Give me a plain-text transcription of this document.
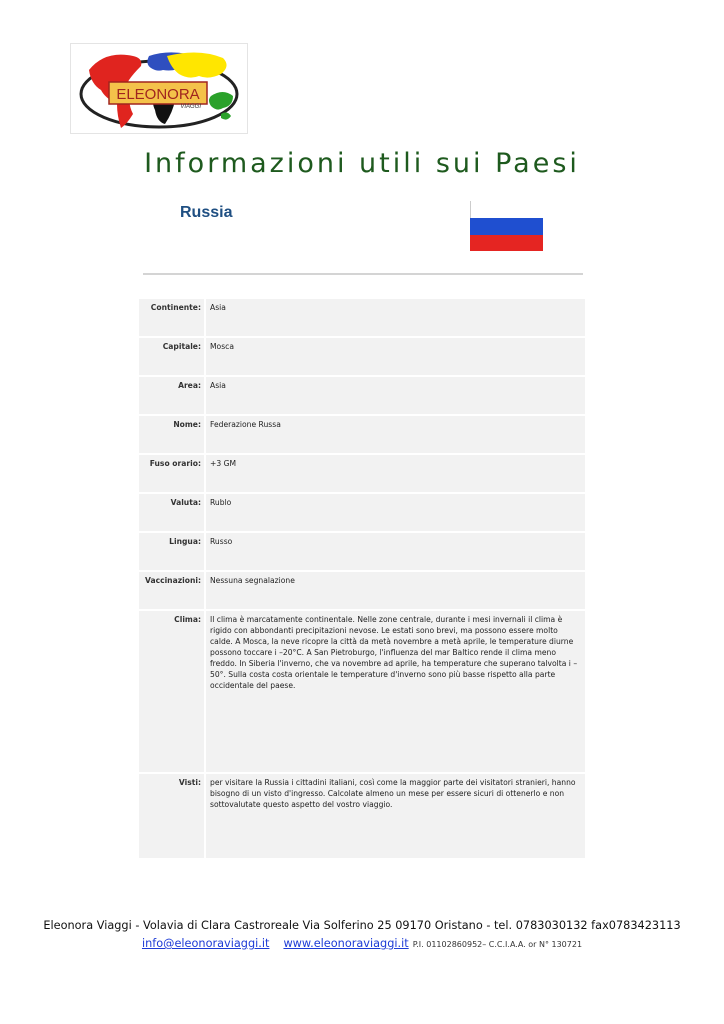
ELEONORA
VIAGGI
Informazioni utili sui Paesi
Russia
Continente:		Asia
Capitale:		Mosca
Area:		Asia
Nome:		Federazione Russa
Fuso orario:		+3 GM
Valuta:		Rublo
Lingua:		Russo
Vaccinazioni:		Nessuna segnalazione
Clima:		Il clima è marcatamente continentale. Nelle zone centrale, durante i mesi invernali il clima è rigido con abbondanti precipitazioni nevose. Le estati sono brevi, ma possono essere molto calde. A Mosca, la neve ricopre la città da metà novembre a metà aprile, le temperature diurne possono toccare i –20°C. A San Pietroburgo, l'influenza del mar Baltico rende il clima meno freddo. In Siberia l'inverno, che va novembre ad aprile, ha temperature che superano talvolta i –50°. Sulla costa costa orientale le temperature d'inverno sono più basse rispetto alla parte occidentale del paese.
Visti:		per visitare la Russia i cittadini italiani, così come la maggior parte dei visitatori stranieri, hanno bisogno di un visto d'ingresso. Calcolate almeno un mese per essere sicuri di ottenerlo e non sottovalutate questo aspetto del vostro viaggio.
Eleonora Viaggi - Volavia di Clara Castroreale Via Solferino 25 09170 Oristano - tel. 0783030132 fax0783423113
info@eleonoraviaggi.it www.eleonoraviaggi.it P.I. 01102860952– C.C.I.A.A. or N° 130721
